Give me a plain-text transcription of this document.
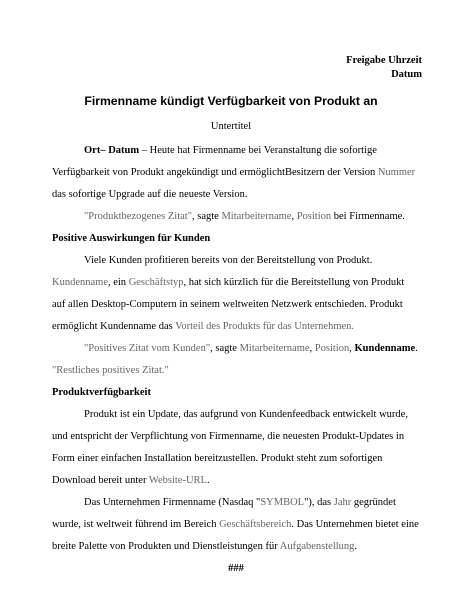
Freigabe Uhrzeit
Datum
Firmenname kündigt Verfügbarkeit von Produkt an
Untertitel

Ort– Datum – Heute hat Firmenname bei Veranstaltung die sofortige Verfügbarkeit von Produkt angekündigt und ermöglichtBesitzern der Version Nummer das sofortige Upgrade auf die neueste Version.

"Produktbezogenes Zitat", sagte Mitarbeitername, Position bei Firmenname.

Positive Auswirkungen für Kunden

Viele Kunden profitieren bereits von der Bereitstellung von Produkt. Kundenname, ein Geschäftstyp, hat sich kürzlich für die Bereitstellung von Produkt auf allen Desktop-Computern in seinem weltweiten Netzwerk entschieden. Produkt ermöglicht Kundenname das Vorteil des Produkts für das Unternehmen.

"Positives Zitat vom Kunden", sagte Mitarbeitername, Position, Kundenname.
"Restliches positives Zitat."

Produktverfügbarkeit

Produkt ist ein Update, das aufgrund von Kundenfeedback entwickelt wurde, und entspricht der Verpflichtung von Firmenname, die neuesten Produkt-Updates in Form einer einfachen Installation bereitzustellen. Produkt steht zum sofortigen Download bereit unter Website-URL.

Das Unternehmen Firmenname (Nasdaq "SYMBOL"), das Jahr gegründet wurde, ist weltweit führend im Bereich Geschäftsbereich. Das Unternehmen bietet eine breite Palette von Produkten und Dienstleistungen für Aufgabenstellung.

###
